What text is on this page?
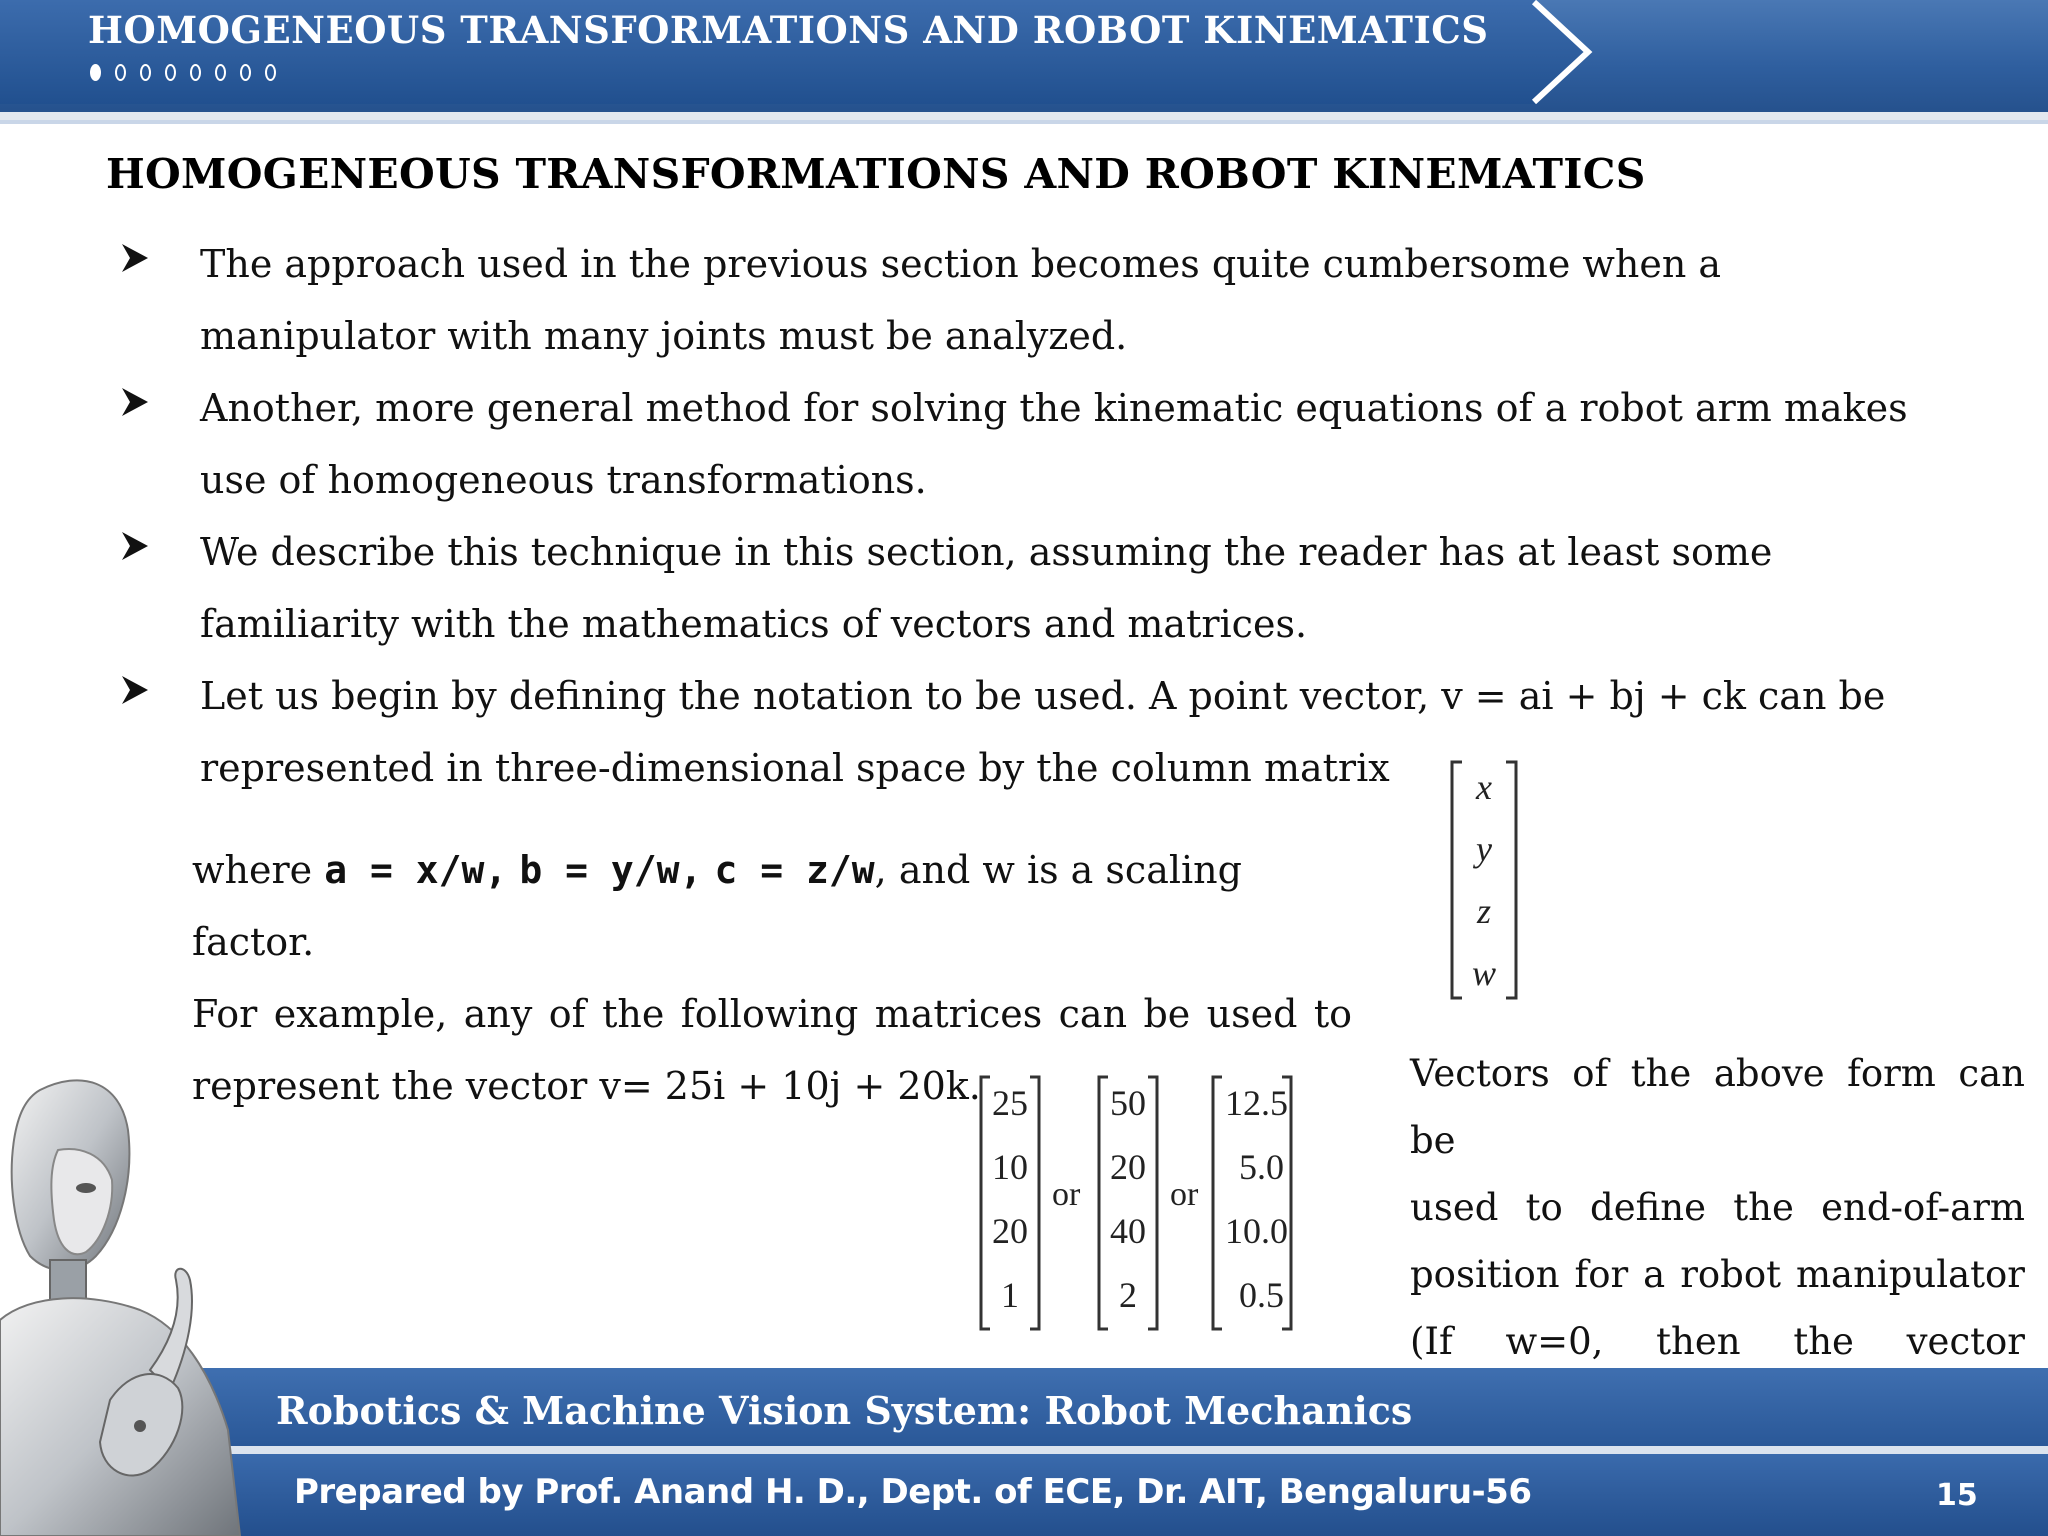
HOMOGENEOUS TRANSFORMATIONS AND ROBOT KINEMATICS
HOMOGENEOUS TRANSFORMATIONS AND ROBOT KINEMATICS
The approach used in the previous section becomes quite cumbersome when a
manipulator with many joints must be analyzed.
Another, more general method for solving the kinematic equations of a robot arm makes
use of homogeneous transformations.
We describe this technique in this section, assuming the reader has at least some
familiarity with the mathematics of vectors and matrices.
Let us begin by defining the notation to be used. A point vector, v = ai + bj + ck can be
represented in three-dimensional space by the column matrix	x
y
z
w
where a = x/w, b = y/w, c = z/w, and w is a scaling
factor.
For example, any of the following matrices can be used to
represent the vector v= 25i + 10j + 20k. 25
10
20
1
or
50
20
40
2
or
12.5
5.0
10.0
0.5
Vectors of the above form can be
used to define the end-of-arm
position for a robot manipulator
(If w=0, then the vector
Robotics & Machine Vision System: Robot Mechanics
Prepared by Prof. Anand H. D., Dept. of ECE, Dr. AIT, Bengaluru-56	15
